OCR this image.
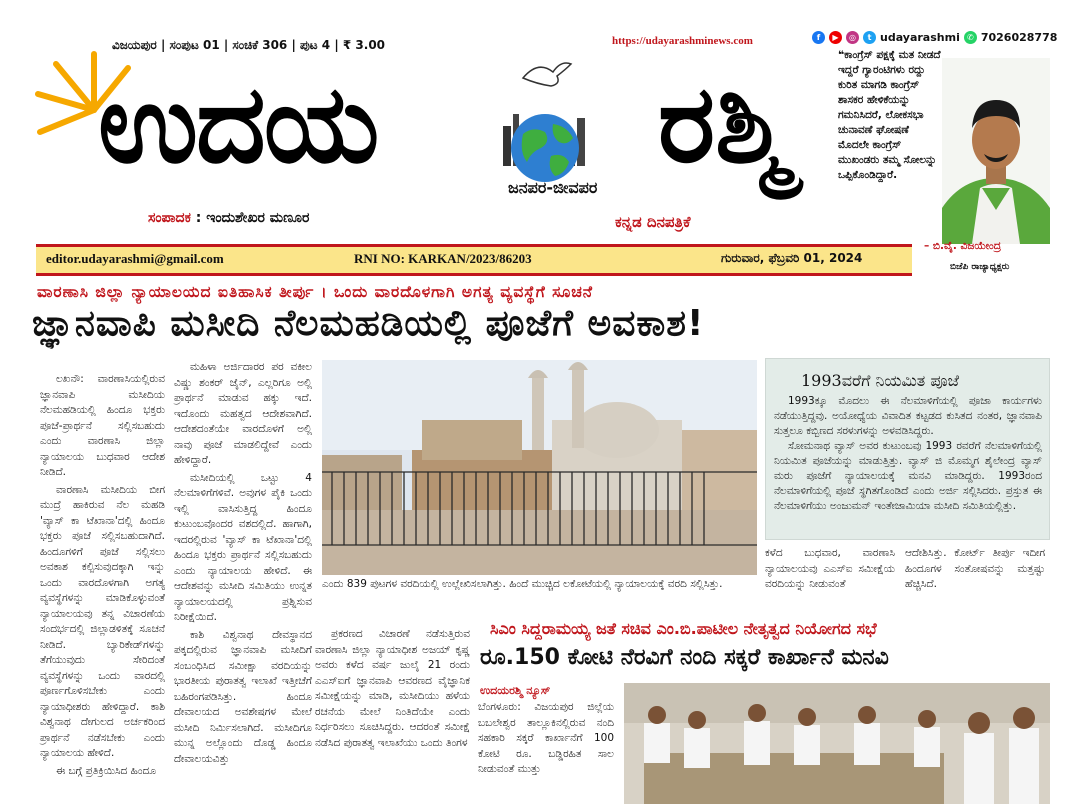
ವಿಜಯಪುರ | ಸಂಪುಟ 01 | ಸಂಚಿಕೆ 306 | ಪುಟ 4 | ₹ 3.00	https://udayarashminews.com	f	▶	◎	t udayarashmi ✆ 7026028778
ಉದಯ	ರಶ್ಮಿ
ಜನಪರ-ಜೀವಪರ
ಸಂಪಾದಕ : ಇಂದುಶೇಖರ ಮಣೂರ	ಕನ್ನಡ ದಿನಪತ್ರಿಕೆ
❝ಕಾಂಗ್ರೆಸ್ ಪಕ್ಷಕ್ಕೆ ಮತ ನೀಡದೆ ಇದ್ದರೆ ಗ್ಯಾರಂಟಿಗಳು ರದ್ದು ಕುರಿತ ಮಾಗಡಿ ಕಾಂಗ್ರೆಸ್ ಶಾಸಕರ ಹೇಳಿಕೆಯನ್ನು ಗಮನಿಸಿದರೆ, ಲೋಕಸಭಾ ಚುನಾವಣೆ ಘೋಷಣೆ ಮೊದಲೇ ಕಾಂಗ್ರೆಸ್ ಮುಖಂಡರು ತಮ್ಮ ಸೋಲನ್ನು ಒಪ್ಪಿಕೊಂಡಿದ್ದಾರೆ.
– ಬಿ.ವೈ. ವಿಜಯೇಂದ್ರ
ಬಿಜೆಪಿ ರಾಜ್ಯಾಧ್ಯಕ್ಷರು
editor.udayarashmi@gmail.com	RNI NO: KARKAN/2023/86203	ಗುರುವಾರ, ಫೆಬ್ರವರಿ 01, 2024
ವಾರಣಾಸಿ ಜಿಲ್ಲಾ ನ್ಯಾಯಾಲಯದ ಐತಿಹಾಸಿಕ ತೀರ್ಪು । ಒಂದು ವಾರದೊಳಗಾಗಿ ಅಗತ್ಯ ವ್ಯವಸ್ಥೆಗೆ ಸೂಚನೆ
ಜ್ಞಾನವಾಪಿ ಮಸೀದಿ ನೆಲಮಹಡಿಯಲ್ಲಿ ಪೂಜೆಗೆ ಅವಕಾಶ!

ಲಖನೌ: ವಾರಣಾಸಿಯಲ್ಲಿರುವ ಜ್ಞಾನವಾಪಿ ಮಸೀದಿಯ ನೆಲಮಹಡಿಯಲ್ಲಿ ಹಿಂದೂ ಭಕ್ತರು ಪೂಜೆ-ಪ್ರಾರ್ಥನೆ ಸಲ್ಲಿಸಬಹುದು ಎಂದು ವಾರಣಾಸಿ ಜಿಲ್ಲಾ ನ್ಯಾಯಾಲಯ ಬುಧವಾರ ಆದೇಶ ನೀಡಿದೆ.

ವಾರಣಾಸಿ ಮಸೀದಿಯ ಬೀಗ ಮುದ್ರೆ ಹಾಕಿರುವ ನೆಲ ಮಹಡಿ 'ವ್ಯಾಸ್ ಕಾ ಟೆಖಾನಾ'ದಲ್ಲಿ ಹಿಂದೂ ಭಕ್ತರು ಪೂಜೆ ಸಲ್ಲಿಸಬಹುದಾಗಿದೆ. ಹಿಂದೂಗಳಿಗೆ ಪೂಜೆ ಸಲ್ಲಿಸಲು ಅವಕಾಶ ಕಲ್ಪಿಸುವುದಕ್ಕಾಗಿ ಇನ್ನು ಒಂದು ವಾರದೊಳಗಾಗಿ ಅಗತ್ಯ ವ್ಯವಸ್ಥೆಗಳನ್ನು ಮಾಡಿಕೊಳ್ಳುವಂತೆ ನ್ಯಾಯಾಲಯವು ತನ್ನ ವಿಚಾರಣೆಯ ಸಂದರ್ಭದಲ್ಲಿ ಜಿಲ್ಲಾಡಳಿತಕ್ಕೆ ಸೂಚನೆ ನೀಡಿದೆ. ಬ್ಯಾರಿಕೇಡ್‌ಗಳನ್ನು ತೆಗೆಯುವುದು ಸೇರಿದಂತೆ ವ್ಯವಸ್ಥೆಗಳನ್ನು ಒಂದು ವಾರದಲ್ಲಿ ಪೂರ್ಣಗೊಳಿಸಬೇಕು ಎಂದು ನ್ಯಾಯಾಧೀಶರು ಹೇಳಿದ್ದಾರೆ. ಕಾಶಿ ವಿಶ್ವನಾಥ ದೇಗುಲದ ಅರ್ಚಕರಿಂದ ಪ್ರಾರ್ಥನೆ ನಡೆಸಬೇಕು ಎಂದು ನ್ಯಾಯಾಲಯ ಹೇಳಿದೆ.

ಈ ಬಗ್ಗೆ ಪ್ರತಿಕ್ರಿಯಿಸಿದ ಹಿಂದೂ

ಮಹಿಳಾ ಅರ್ಜಿದಾರರ ಪರ ವಕೀಲ ವಿಷ್ಣು ಶಂಕರ್ ಜೈನ್, ಎಲ್ಲರಿಗೂ ಅಲ್ಲಿ ಪ್ರಾರ್ಥನೆ ಮಾಡುವ ಹಕ್ಕು ಇದೆ. ಇದೊಂದು ಮಹತ್ವದ ಆದೇಶವಾಗಿದೆ. ಆದೇಶದಂತೆಯೇ ವಾರದೊಳಗೆ ಅಲ್ಲಿ ನಾವು ಪೂಜೆ ಮಾಡಲಿದ್ದೇವೆ ಎಂದು ಹೇಳಿದ್ದಾರೆ.

ಮಸೀದಿಯಲ್ಲಿ ಒಟ್ಟು 4 ನೆಲಮಾಳಿಗೆಗಳಿವೆ. ಅವುಗಳ ಪೈಕಿ ಒಂದು ಇಲ್ಲಿ ವಾಸಿಸುತ್ತಿದ್ದ ಹಿಂದೂ ಕುಟುಂಬವೊಂದರ ವಶದಲ್ಲಿದೆ. ಹಾಗಾಗಿ, ಇದರಲ್ಲಿರುವ 'ವ್ಯಾಸ್ ಕಾ ಟೆಖಾನಾ'ದಲ್ಲಿ ಹಿಂದೂ ಭಕ್ತರು ಪ್ರಾರ್ಥನೆ ಸಲ್ಲಿಸಬಹುದು ಎಂದು ನ್ಯಾಯಾಲಯ ಹೇಳಿದೆ. ಈ ಆದೇಶವನ್ನು ಮಸೀದಿ ಸಮಿತಿಯು ಉನ್ನತ ನ್ಯಾಯಾಲಯದಲ್ಲಿ ಪ್ರಶ್ನಿಸುವ ನಿರೀಕ್ಷೆಯಿದೆ.

ಕಾಶಿ ವಿಶ್ವನಾಥ ದೇವಸ್ಥಾನದ ಪಕ್ಕದಲ್ಲಿರುವ ಜ್ಞಾನವಾಪಿ ಮಸೀದಿಗೆ ಸಂಬಂಧಿಸಿದ ಸಮೀಕ್ಷಾ ವರದಿಯನ್ನು ಭಾರತೀಯ ಪುರಾತತ್ವ ಇಲಾಖೆ ಇತ್ತೀಚೆಗೆ ಬಹಿರಂಗಪಡಿಸಿತ್ತು. ಹಿಂದೂ ದೇವಾಲಯದ ಅವಶೇಷಗಳ ಮೇಲೆ ಮಸೀದಿ ನಿರ್ಮಿಸಲಾಗಿದೆ. ಮಸೀದಿಗೂ ಮುನ್ನ ಅಲ್ಲೊಂದು ದೊಡ್ಡ ಹಿಂದೂ ದೇವಾಲಯವಿತ್ತು

ಎಂದು 839 ಪುಟಗಳ ವರದಿಯಲ್ಲಿ ಉಲ್ಲೇಖಿಸಲಾಗಿತ್ತು. ಹಿಂದೆ ಮುಚ್ಚಿದ ಲಕೋಟೆಯಲ್ಲಿ ನ್ಯಾಯಾಲಯಕ್ಕೆ ವರದಿ ಸಲ್ಲಿಸಿತ್ತು.

ಪ್ರಕರಣದ ವಿಚಾರಣೆ ನಡೆಸುತ್ತಿರುವ ವಾರಣಾಸಿ ಜಿಲ್ಲಾ ನ್ಯಾಯಾಧೀಶ ಅಜಯ್ ಕೃಷ್ಣ ಅವರು ಕಳೆದ ವರ್ಷ ಜುಲೈ 21 ರಂದು ಎಎಸ್‌ಐಗೆ ಜ್ಞಾನವಾಪಿ ಆವರಣದ ವೈಜ್ಞಾನಿಕ ಸಮೀಕ್ಷೆಯನ್ನು ಮಾಡಿ, ಮಸೀದಿಯು ಹಳೆಯ ರಚನೆಯ ಮೇಲೆ ನಿಂತಿದೆಯೇ ಎಂದು ನಿರ್ಧರಿಸಲು ಸೂಚಿಸಿದ್ದರು. ಆದರಂತೆ ಸಮೀಕ್ಷೆ ನಡೆಸಿದ ಪುರಾತತ್ವ ಇಲಾಖೆಯು ಒಂದು ತಿಂಗಳ

1993ವರೆಗೆ ನಿಯಮಿತ ಪೂಜೆ

1993ಕ್ಕೂ ಮೊದಲು ಈ ನೆಲಮಾಳಿಗೆಯಲ್ಲಿ ಪೂಜಾ ಕಾರ್ಯಗಳು ನಡೆಯುತ್ತಿದ್ದವು. ಅಯೋಧ್ಯೆಯ ವಿವಾದಿತ ಕಟ್ಟಡದ ಕುಸಿತದ ನಂತರ, ಜ್ಞಾನವಾಪಿ ಸುತ್ತಲೂ ಕಬ್ಬಿಣದ ಸರಳುಗಳನ್ನು ಅಳವಡಿಸಿದ್ದರು.

ಸೋಮನಾಥ ವ್ಯಾಸ್ ಅವರ ಕುಟುಂಬವು 1993 ರವರೆಗೆ ನೆಲಮಾಳಿಗೆಯಲ್ಲಿ ನಿಯಮಿತ ಪೂಜೆಯನ್ನು ಮಾಡುತ್ತಿತ್ತು. ವ್ಯಾಸ್ ಜಿ ಮೊಮ್ಮಗ ಶೈಲೇಂದ್ರ ವ್ಯಾಸ್ ಮರು ಪೂಜೆಗೆ ನ್ಯಾಯಾಲಯಕ್ಕೆ ಮನವಿ ಮಾಡಿದ್ದರು. 1993ರಂದ ನೆಲಮಾಳಿಗೆಯಲ್ಲಿ ಪೂಜೆ ಸ್ಥಗಿತಗೊಂಡಿದೆ ಎಂದು ಅರ್ಜಿ ಸಲ್ಲಿಸಿದರು. ಪ್ರಸ್ತುತ ಈ ನೆಲಮಾಳಿಗೆಯು ಅಂಜುಮನ್ ಇಂತೇಜಾಮಿಯಾ ಮಸೀದಿ ಸಮಿತಿಯಲ್ಲಿತ್ತು.

ಕಳೆದ ಬುಧವಾರ, ವಾರಣಾಸಿ ನ್ಯಾಯಾಲಯವು ಎಎಸ್‌ಐ ಸಮೀಕ್ಷೆಯ ವರದಿಯನ್ನು ನೀಡುವಂತೆ
ಆದೇಶಿಸಿತ್ತು. ಕೋರ್ಟ್ ತೀರ್ಪು ಇದೀಗ ಹಿಂದೂಗಳ ಸಂತೋಷವನ್ನು ಮತ್ತಷ್ಟು ಹೆಚ್ಚಿಸಿದೆ.
ಸಿಎಂ ಸಿದ್ದರಾಮಯ್ಯ ಜತೆ ಸಚಿವ ಎಂ.ಬಿ.ಪಾಟೀಲ ನೇತೃತ್ವದ ನಿಯೋಗದ ಸಭೆ
ರೂ.150 ಕೋಟಿ ನೆರವಿಗೆ ನಂದಿ ಸಕ್ಕರೆ ಕಾರ್ಖಾನೆ ಮನವಿ
ಉದಯರಶ್ಮಿ ನ್ಯೂಸ್
ಬೆಂಗಳೂರು: ವಿಜಯಪುರ ಜಿಲ್ಲೆಯ ಬಬಲೇಶ್ವರ ತಾಲ್ಲೂಕಿನಲ್ಲಿರುವ ನಂದಿ ಸಹಕಾರಿ ಸಕ್ಕರೆ ಕಾರ್ಖಾನೆಗೆ 100 ಕೋಟಿ ರೂ. ಬಡ್ಡಿರಹಿತ ಸಾಲ ನೀಡುವಂತೆ ಮುತ್ತು
